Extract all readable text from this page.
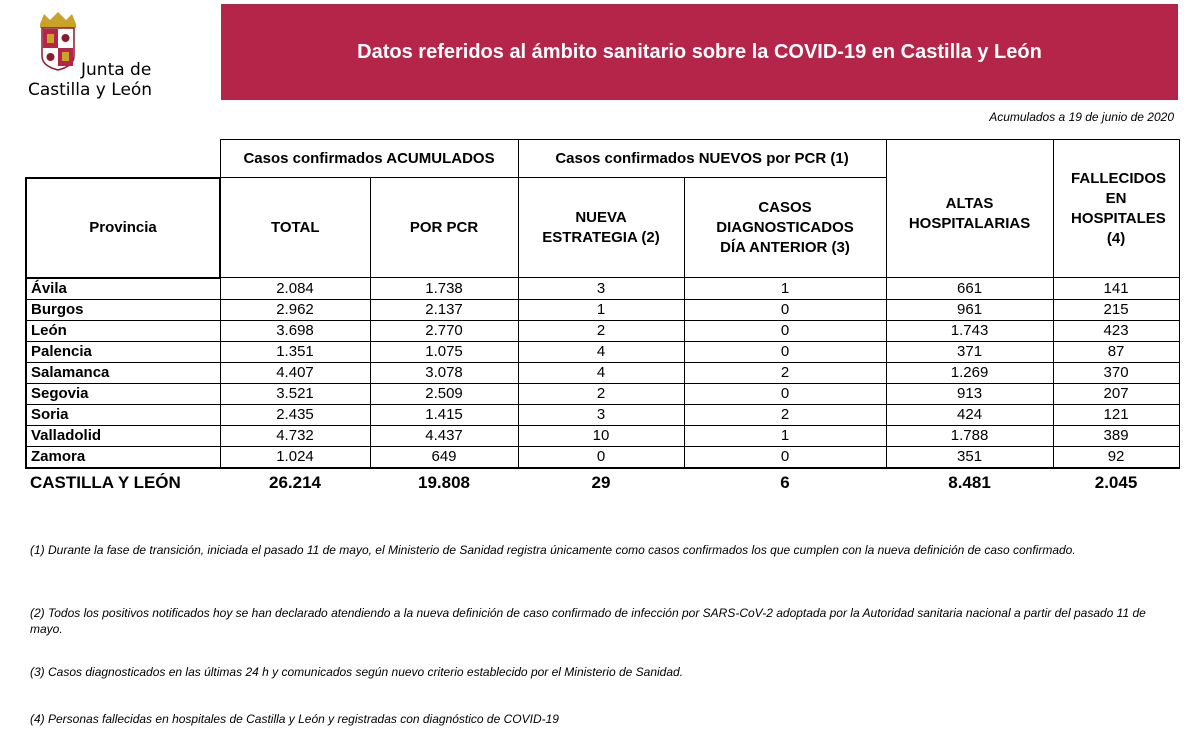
Junta de
Castilla y León
Datos referidos al ámbito sanitario sobre la COVID-19 en Castilla y León
Acumulados a 19 de junio de 2020
	Casos confirmados ACUMULADOS		Casos confirmados NUEVOS por PCR (1)		ALTAS HOSPITALARIAS	FALLECIDOS EN HOSPITALES (4)

Provincia	TOTAL	POR PCR	NUEVA ESTRATEGIA (2)	CASOS DIAGNOSTICADOS DÍA ANTERIOR (3)		

Ávila	2.084	1.738	3	1	661	141
Burgos	2.962	2.137	1	0	961	215
León	3.698	2.770	2	0	1.743	423
Palencia	1.351	1.075	4	0	371	87
Salamanca	4.407	3.078	4	2	1.269	370
Segovia	3.521	2.509	2	0	913	207
Soria	2.435	1.415	3	2	424	121
Valladolid	4.732	4.437	10	1	1.788	389
Zamora	1.024	649	0	0	351	92
CASTILLA Y LEÓN	26.214	19.808	29	6	8.481	2.045

(1) Durante la fase de transición, iniciada el pasado 11 de mayo, el Ministerio de Sanidad registra únicamente como casos confirmados los que cumplen con la nueva definición de caso confirmado.

(2) Todos los positivos notificados hoy se han declarado atendiendo a la nueva definición de caso confirmado de infección por SARS-CoV-2 adoptada por la Autoridad sanitaria nacional a partir del pasado 11 de mayo.

(3) Casos diagnosticados en las últimas 24 h y comunicados según nuevo criterio establecido por el Ministerio de Sanidad.

(4) Personas fallecidas en hospitales de Castilla y León y registradas con diagnóstico de COVID-19
